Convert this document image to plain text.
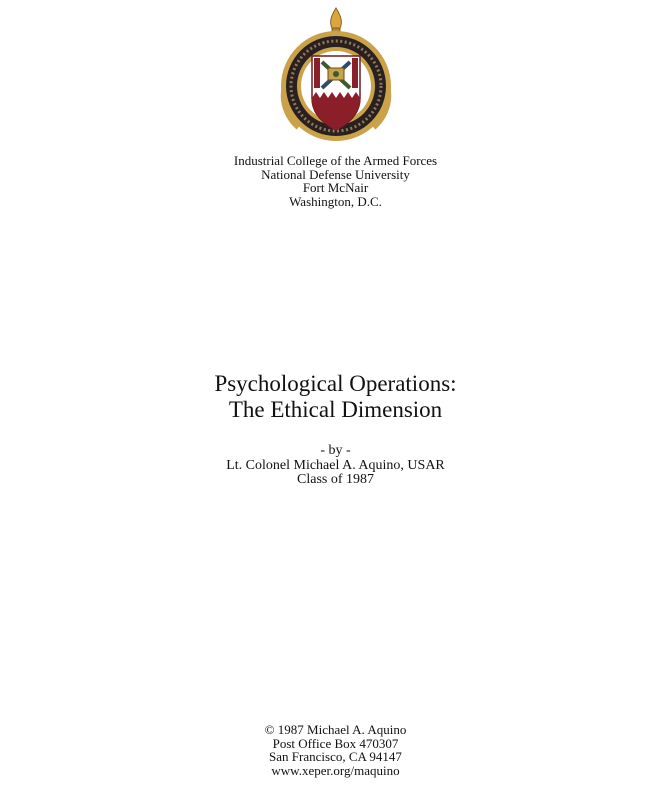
Industrial College of the Armed Forces
National Defense University
Fort McNair
Washington, D.C.
Psychological Operations:
The Ethical Dimension
- by -
Lt. Colonel Michael A. Aquino, USAR
Class of 1987
© 1987 Michael A. Aquino
Post Office Box 470307
San Francisco, CA 94147
www.xeper.org/maquino
